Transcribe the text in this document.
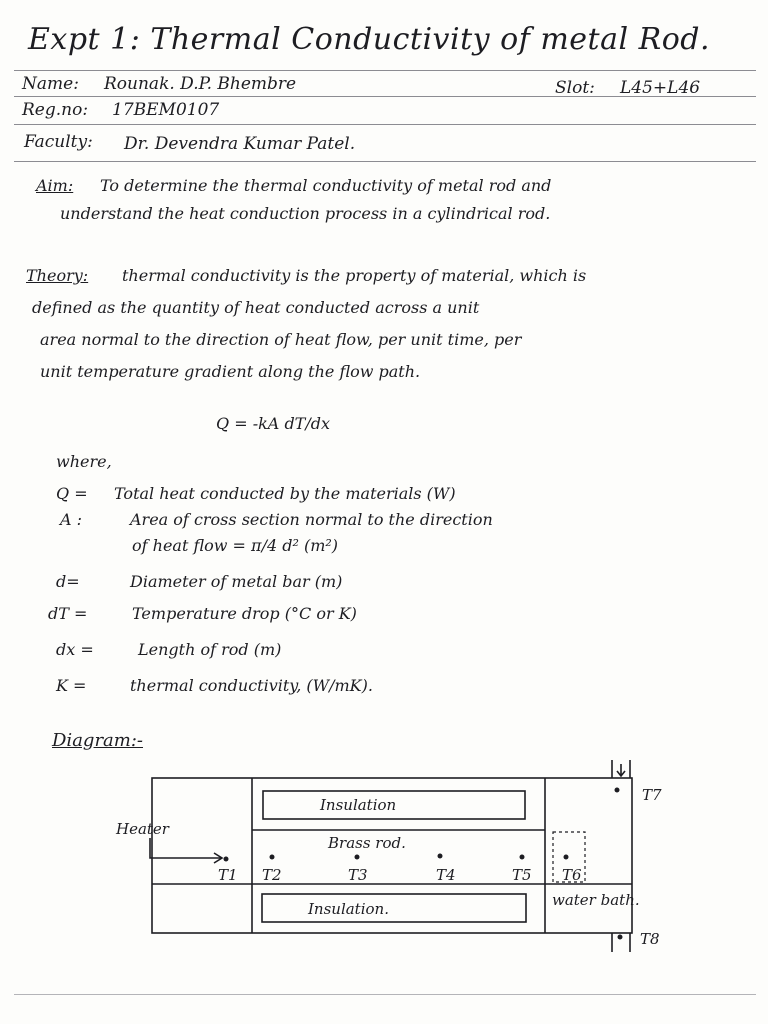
Expt 1: Thermal Conductivity of metal Rod.
Name: Rounak. D.P. Bhembre	Slot: L45+L46
Reg.no: 17BEM0107
Faculty: Dr. Devendra Kumar Patel.
Aim: To determine the thermal conductivity of metal rod and
understand the heat conduction process in a cylindrical rod.
Theory: thermal conductivity is the property of material, which is
defined as the quantity of heat conducted across a unit
area normal to the direction of heat flow, per unit time, per
unit temperature gradient along the flow path.
Q = -kA dT/dx
where,
Q = Total heat conducted by the materials (W)
A :	Area of cross section normal to the direction
of heat flow = π/4 d² (m²)
d=	Diameter of metal bar (m)
dT =	Temperature drop (°C or K)
dx =	Length of rod (m)
K =	thermal conductivity, (W/mK).
Diagram:-
Heater
Insulation
Brass rod.
Insulation.	water bath.
T1 T2	T3	T4	T5 T6
T7
T8
